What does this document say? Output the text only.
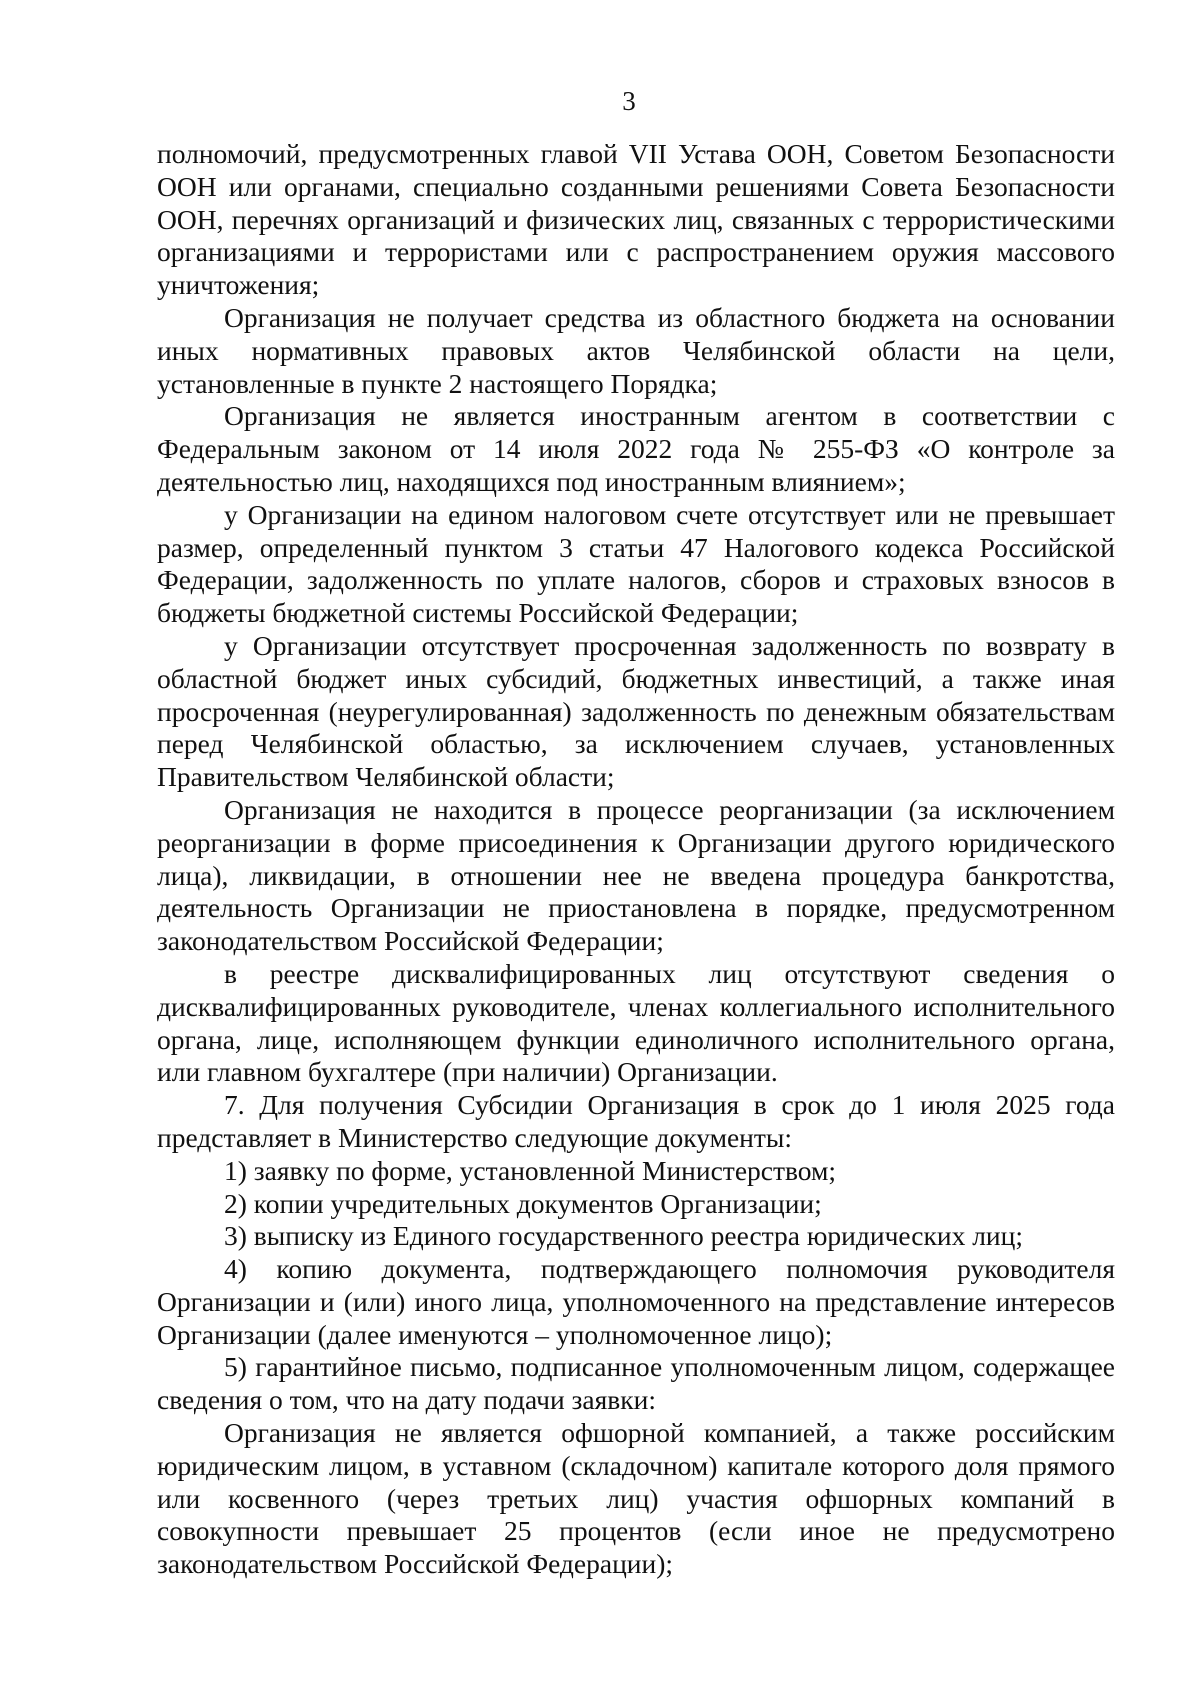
3

полномочий, предусмотренных главой VII Устава ООН, Советом Безопасности ООН или органами, специально созданными решениями Совета Безопасности ООН, перечнях организаций и физических лиц, связанных с террористическими организациями и террористами или с распространением оружия массового уничтожения;

Организация не получает средства из областного бюджета на основании иных нормативных правовых актов Челябинской области на цели, установленные в пункте 2 настоящего Порядка;

Организация не является иностранным агентом в соответствии с Федеральным законом от 14 июля 2022 года № 255-ФЗ «О контроле за деятельностью лиц, находящихся под иностранным влиянием»;

у Организации на едином налоговом счете отсутствует или не превышает размер, определенный пунктом 3 статьи 47 Налогового кодекса Российской Федерации, задолженность по уплате налогов, сборов и страховых взносов в бюджеты бюджетной системы Российской Федерации;

у Организации отсутствует просроченная задолженность по возврату в областной бюджет иных субсидий, бюджетных инвестиций, а также иная просроченная (неурегулированная) задолженность по денежным обязательствам перед Челябинской областью, за исключением случаев, установленных Правительством Челябинской области;

Организация не находится в процессе реорганизации (за исключением реорганизации в форме присоединения к Организации другого юридического лица), ликвидации, в отношении нее не введена процедура банкротства, деятельность Организации не приостановлена в порядке, предусмотренном законодательством Российской Федерации;

в реестре дисквалифицированных лиц отсутствуют сведения о дисквалифицированных руководителе, членах коллегиального исполнительного органа, лице, исполняющем функции единоличного исполнительного органа, или главном бухгалтере (при наличии) Организации.

7. Для получения Субсидии Организация в срок до 1 июля 2025 года представляет в Министерство следующие документы:

1) заявку по форме, установленной Министерством;

2) копии учредительных документов Организации;

3) выписку из Единого государственного реестра юридических лиц;

4) копию документа, подтверждающего полномочия руководителя Организации и (или) иного лица, уполномоченного на представление интересов Организации (далее именуются – уполномоченное лицо);

5) гарантийное письмо, подписанное уполномоченным лицом, содержащее сведения о том, что на дату подачи заявки:

Организация не является офшорной компанией, а также российским юридическим лицом, в уставном (складочном) капитале которого доля прямого или косвенного (через третьих лиц) участия офшорных компаний в совокупности превышает 25 процентов (если иное не предусмотрено законодательством Российской Федерации);
